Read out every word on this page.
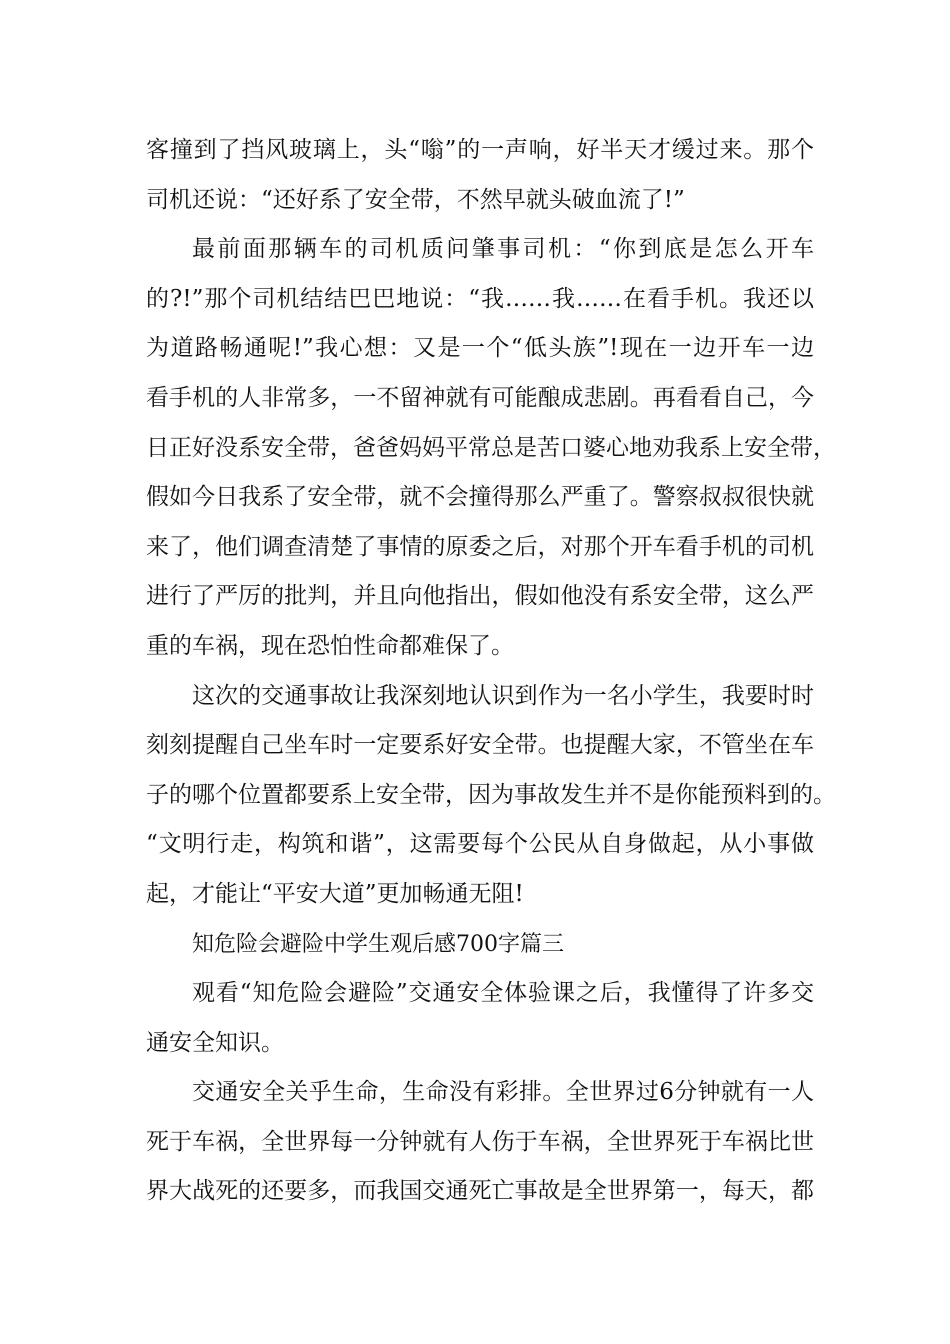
客撞到了挡风玻璃上，头“嗡”的一声响，好半天才缓过来。那个
司机还说：“还好系了安全带，不然早就头破血流了!”
最前面那辆车的司机质问肇事司机：“你到底是怎么开车
的?!”那个司机结结巴巴地说：“我……我……在看手机。我还以
为道路畅通呢!”我心想：又是一个“低头族”!现在一边开车一边
看手机的人非常多，一不留神就有可能酿成悲剧。再看看自己，今
日正好没系安全带，爸爸妈妈平常总是苦口婆心地劝我系上安全带，
假如今日我系了安全带，就不会撞得那么严重了。警察叔叔很快就
来了，他们调查清楚了事情的原委之后，对那个开车看手机的司机
进行了严厉的批判，并且向他指出，假如他没有系安全带，这么严
重的车祸，现在恐怕性命都难保了。
这次的交通事故让我深刻地认识到作为一名小学生，我要时时
刻刻提醒自己坐车时一定要系好安全带。也提醒大家，不管坐在车
子的哪个位置都要系上安全带，因为事故发生并不是你能预料到的。
“文明行走，构筑和谐”，这需要每个公民从自身做起，从小事做
起，才能让“平安大道”更加畅通无阻!
知危险会避险中学生观后感700字篇三
观看“知危险会避险”交通安全体验课之后，我懂得了许多交
通安全知识。
交通安全关乎生命，生命没有彩排。全世界过6分钟就有一人
死于车祸，全世界每一分钟就有人伤于车祸，全世界死于车祸比世
界大战死的还要多，而我国交通死亡事故是全世界第一，每天，都
